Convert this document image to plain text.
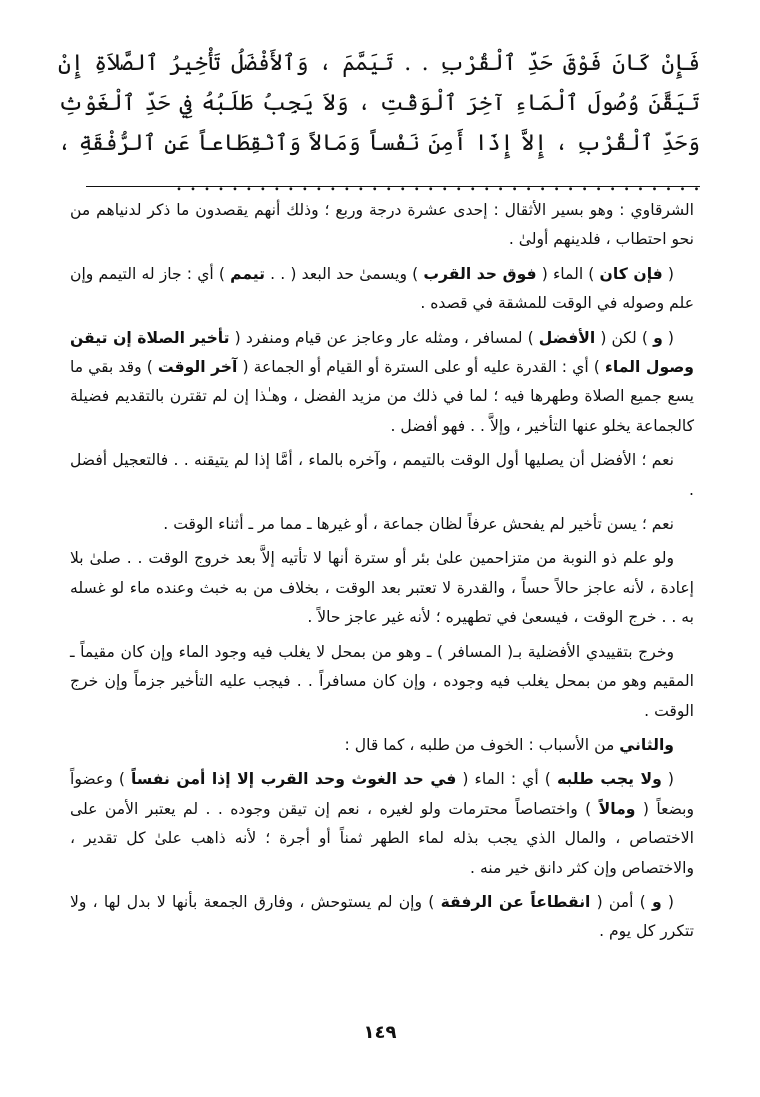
فَإِنْ كَانَ فَوْقَ حَدِّ ٱلْقُرْبِ . . تَيَمَّمَ ، وَٱلأَفْضَلُ تَأْخِيرُ ٱلصَّلاَةِ إِنْ تَيَقَّنَ وُصُولَ ٱلْمَاءِ آخِرَ ٱلْوَقْتِ ، وَلاَ يَجِبُ طَلَبُهُ فِي حَدِّ ٱلْغَوْثِ وَحَدِّ ٱلْقُرْبِ ، إِلاَّ إِذَا أَمِنَ نَفْساً وَمَالاً وَٱنْقِطَاعاً عَنِ ٱلرُّفْقَةِ ، . . . . . . . . . . . . . . . . . . . . . . . . . . . . . . . . . . . . . .

الشرقاوي : وهو بسير الأثقال : إحدى عشرة درجة وربع ؛ وذلك أنهم يقصدون ما ذكر لدنياهم من نحو احتطاب ، فلدينهم أولىٰ .

( فإن كان ) الماء ( فوق حد القرب ) ويسمىٰ حد البعد ( . . تيمم ) أي : جاز له التيمم وإن علم وصوله في الوقت للمشقة في قصده .

( و ) لكن ( الأفضل ) لمسافر ، ومثله عار وعاجز عن قيام ومنفرد ( تأخير الصلاة إن تيقن وصول الماء ) أي : القدرة عليه أو على السترة أو القيام أو الجماعة ( آخر الوقت ) وقد بقي ما يسع جميع الصلاة وطهرها فيه ؛ لما في ذلك من مزيد الفضل ، وهـٰذا إن لم تقترن بالتقديم فضيلة كالجماعة يخلو عنها التأخير ، وإلاَّ . . فهو أفضل .

نعم ؛ الأفضل أن يصليها أول الوقت بالتيمم ، وآخره بالماء ، أمَّا إذا لم يتيقنه . . فالتعجيل أفضل .

نعم ؛ يسن تأخير لم يفحش عرفاً لظان جماعة ، أو غيرها ـ مما مر ـ أثناء الوقت .

ولو علم ذو النوبة من متزاحمين علىٰ بئر أو سترة أنها لا تأتيه إلاَّ بعد خروج الوقت . . صلىٰ بلا إعادة ، لأنه عاجز حالاً حساً ، والقدرة لا تعتبر بعد الوقت ، بخلاف من به خبث وعنده ماء لو غسله به . . خرج الوقت ، فيسعىٰ في تطهيره ؛ لأنه غير عاجز حالاً .

وخرج بتقييدي الأفضلية بـ( المسافر ) ـ وهو من بمحل لا يغلب فيه وجود الماء وإن كان مقيماً ـ المقيم وهو من بمحل يغلب فيه وجوده ، وإن كان مسافراً . . فيجب عليه التأخير جزماً وإن خرج الوقت .

والثاني من الأسباب : الخوف من طلبه ، كما قال :

( ولا يجب طلبه ) أي : الماء ( في حد الغوث وحد القرب إلا إذا أمن نفساً ) وعضواً وبضعاً ( ومالاً ) واختصاصاً محترمات ولو لغيره ، نعم إن تيقن وجوده . . لم يعتبر الأمن على الاختصاص ، والمال الذي يجب بذله لماء الطهر ثمناً أو أجرة ؛ لأنه ذاهب علىٰ كل تقدير ، والاختصاص وإن كثر دانق خير منه .

( و ) أمن ( انقطاعاً عن الرفقة ) وإن لم يستوحش ، وفارق الجمعة بأنها لا بدل لها ، ولا تتكرر كل يوم .

١٤٩
